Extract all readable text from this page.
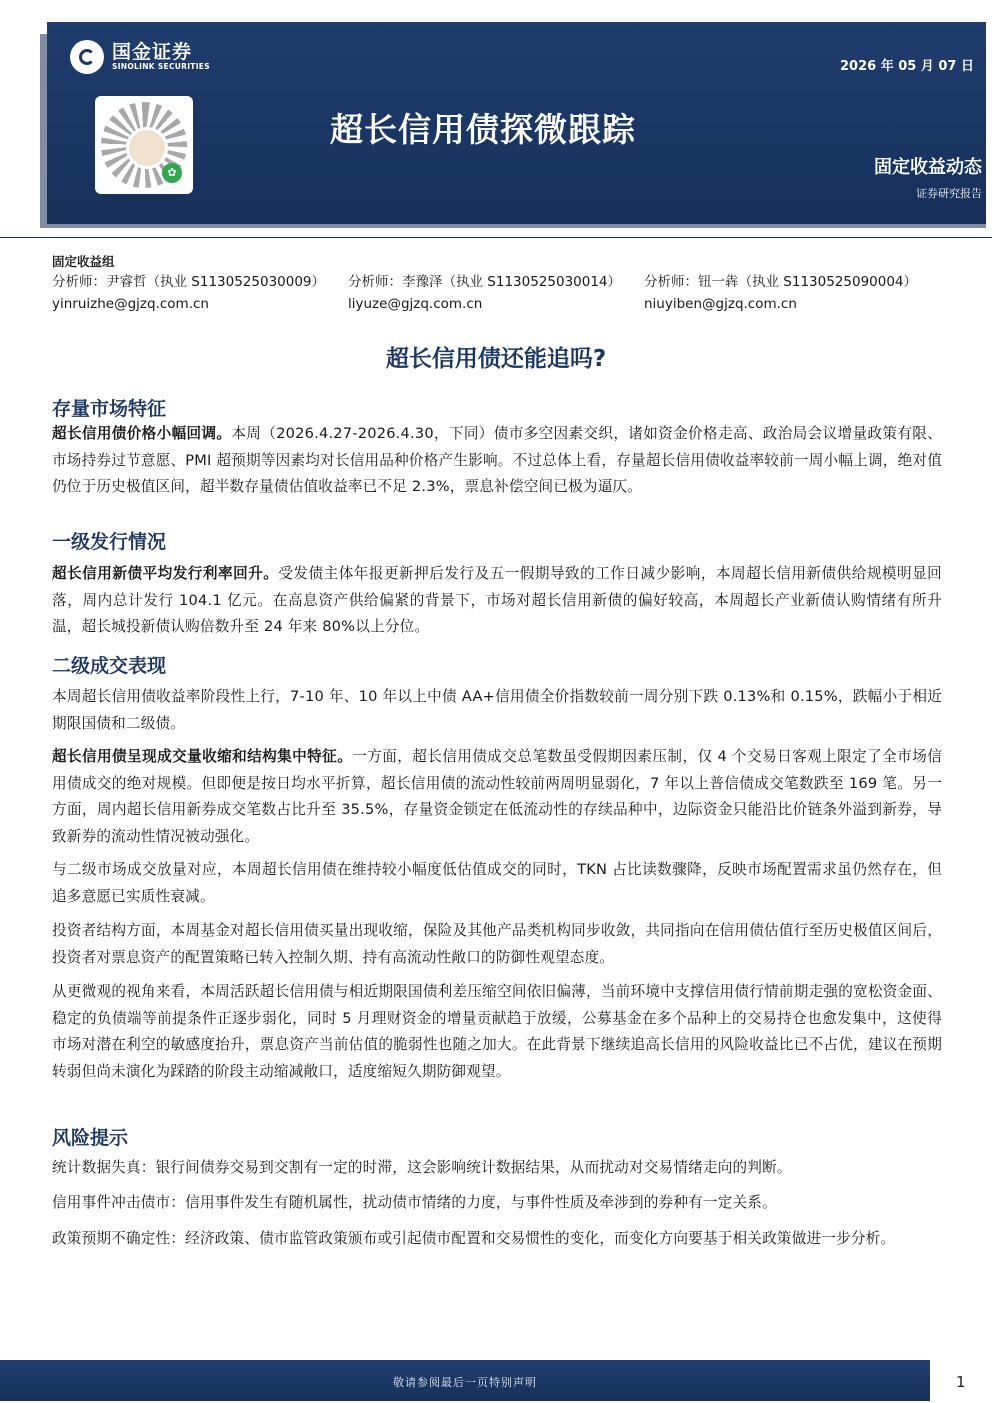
国金证券
SINOLINK SECURITIES
✿
2026 年 05 月 07 日
超长信用债探微跟踪
固定收益动态
证券研究报告
固定收益组
分析师：尹睿哲（执业 S1130525030009）
yinruizhe@gjzq.com.cn
分析师：李豫泽（执业 S1130525030014）
liyuze@gjzq.com.cn
分析师：钮一犇（执业 S1130525090004）
niuyiben@gjzq.com.cn
超长信用债还能追吗?
存量市场特征

超长信用债价格小幅回调。本周（2026.4.27-2026.4.30，下同）债市多空因素交织，诸如资金价格走高、政治局会议增量政策有限、市场持券过节意愿、PMI 超预期等因素均对长信用品种价格产生影响。不过总体上看，存量超长信用债收益率较前一周小幅上调，绝对值仍位于历史极值区间，超半数存量债估值收益率已不足 2.3%，票息补偿空间已极为逼仄。

一级发行情况

超长信用新债平均发行利率回升。受发债主体年报更新押后发行及五一假期导致的工作日减少影响，本周超长信用新债供给规模明显回落，周内总计发行 104.1 亿元。在高息资产供给偏紧的背景下，市场对超长信用新债的偏好较高，本周超长产业新债认购情绪有所升温，超长城投新债认购倍数升至 24 年来 80%以上分位。

二级成交表现

本周超长信用债收益率阶段性上行，7-10 年、10 年以上中债 AA+信用债全价指数较前一周分别下跌 0.13%和 0.15%，跌幅小于相近期限国债和二级债。

超长信用债呈现成交量收缩和结构集中特征。一方面，超长信用债成交总笔数虽受假期因素压制，仅 4 个交易日客观上限定了全市场信用债成交的绝对规模。但即便是按日均水平折算，超长信用债的流动性较前两周明显弱化，7 年以上普信债成交笔数跌至 169 笔。另一方面，周内超长信用新券成交笔数占比升至 35.5%，存量资金锁定在低流动性的存续品种中，边际资金只能沿比价链条外溢到新券，导致新券的流动性情况被动强化。

与二级市场成交放量对应，本周超长信用债在维持较小幅度低估值成交的同时，TKN 占比读数骤降，反映市场配置需求虽仍然存在，但追多意愿已实质性衰减。

投资者结构方面，本周基金对超长信用债买量出现收缩，保险及其他产品类机构同步收敛，共同指向在信用债估值行至历史极值区间后，投资者对票息资产的配置策略已转入控制久期、持有高流动性敞口的防御性观望态度。

从更微观的视角来看，本周活跃超长信用债与相近期限国债利差压缩空间依旧偏薄，当前环境中支撑信用债行情前期走强的宽松资金面、稳定的负债端等前提条件正逐步弱化，同时 5 月理财资金的增量贡献趋于放缓，公募基金在多个品种上的交易持仓也愈发集中，这使得市场对潜在利空的敏感度抬升，票息资产当前估值的脆弱性也随之加大。在此背景下继续追高长信用的风险收益比已不占优，建议在预期转弱但尚未演化为踩踏的阶段主动缩减敞口，适度缩短久期防御观望。

风险提示

统计数据失真：银行间债券交易到交割有一定的时滞，这会影响统计数据结果，从而扰动对交易情绪走向的判断。

信用事件冲击债市：信用事件发生有随机属性，扰动债市情绪的力度，与事件性质及牵涉到的券种有一定关系。

政策预期不确定性：经济政策、债市监管政策颁布或引起债市配置和交易惯性的变化，而变化方向要基于相关政策做进一步分析。

敬请参阅最后一页特别声明	1
